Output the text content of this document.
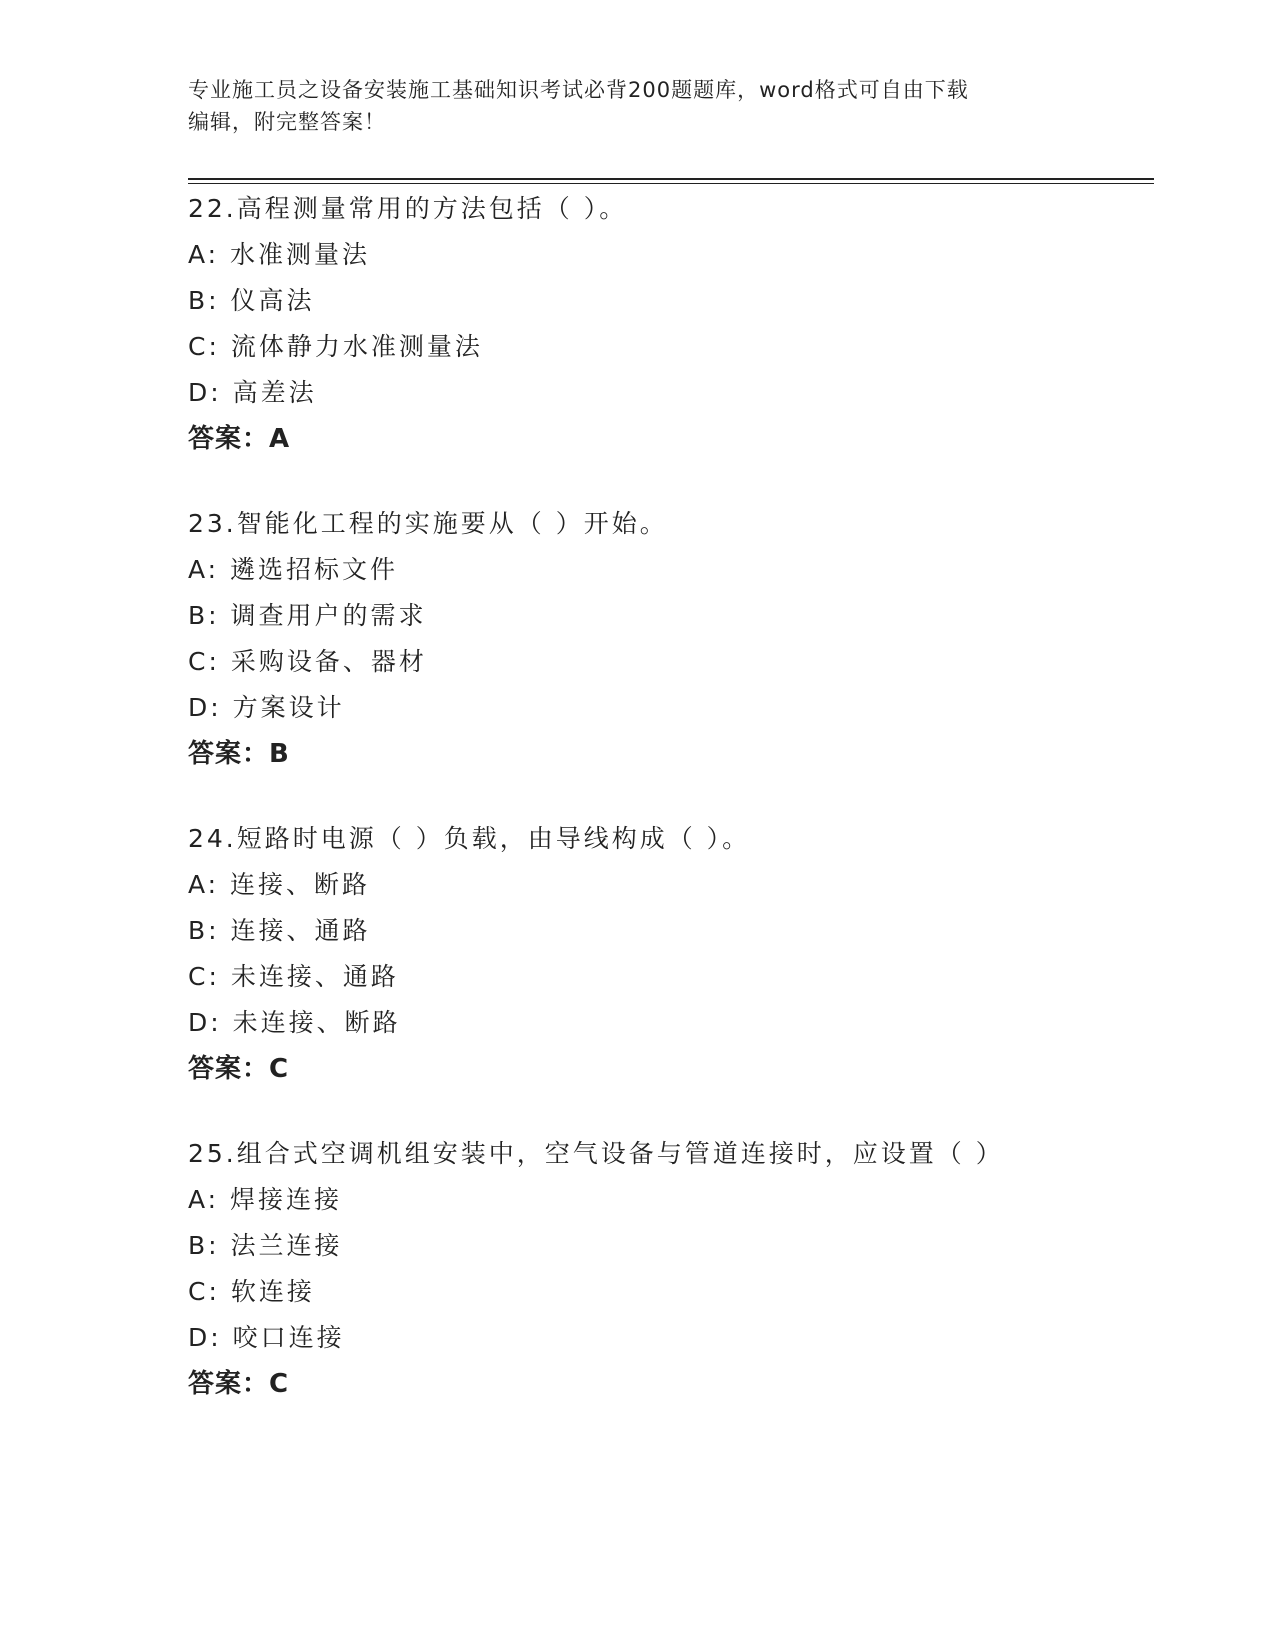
专业施工员之设备安装施工基础知识考试必背200题题库，word格式可自由下载
编辑，附完整答案！
22.高程测量常用的方法包括（ ）。
A: 水准测量法
B: 仪高法
C: 流体静力水准测量法
D: 高差法
答案：A
23.智能化工程的实施要从（ ）开始。
A: 遴选招标文件
B: 调查用户的需求
C: 采购设备、器材
D: 方案设计
答案：B
24.短路时电源（ ）负载，由导线构成（ ）。
A: 连接、断路
B: 连接、通路
C: 未连接、通路
D: 未连接、断路
答案：C
25.组合式空调机组安装中，空气设备与管道连接时，应设置（ ）
A: 焊接连接
B: 法兰连接
C: 软连接
D: 咬口连接
答案：C
